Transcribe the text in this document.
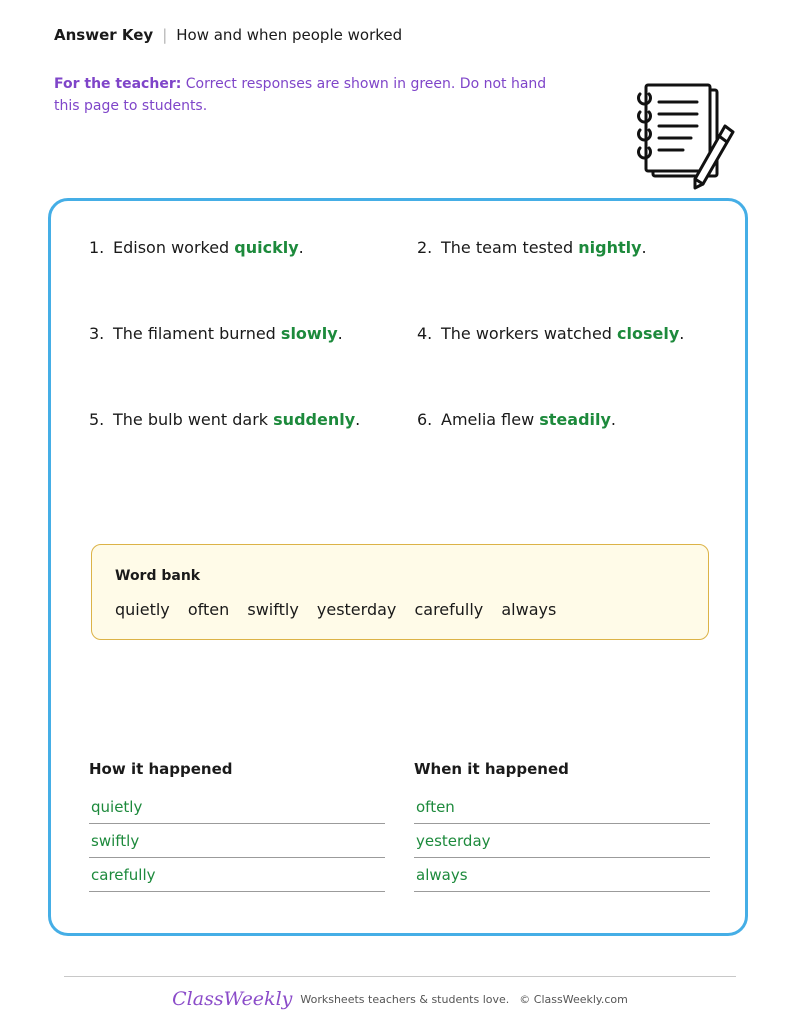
Answer Key | How and when people worked
For the teacher: Correct responses are shown in green. Do not hand this page to students.
1. Edison worked quickly.	2. The team tested nightly.
3. The filament burned slowly.	4. The workers watched closely.
5. The bulb went dark suddenly.	6. Amelia flew steadily.
Word bank
quietly often swiftly yesterday carefully always
How it happened
quietly
swiftly
carefully
When it happened
often
yesterday
always
ClassWeekly Worksheets teachers & students love. © ClassWeekly.com
